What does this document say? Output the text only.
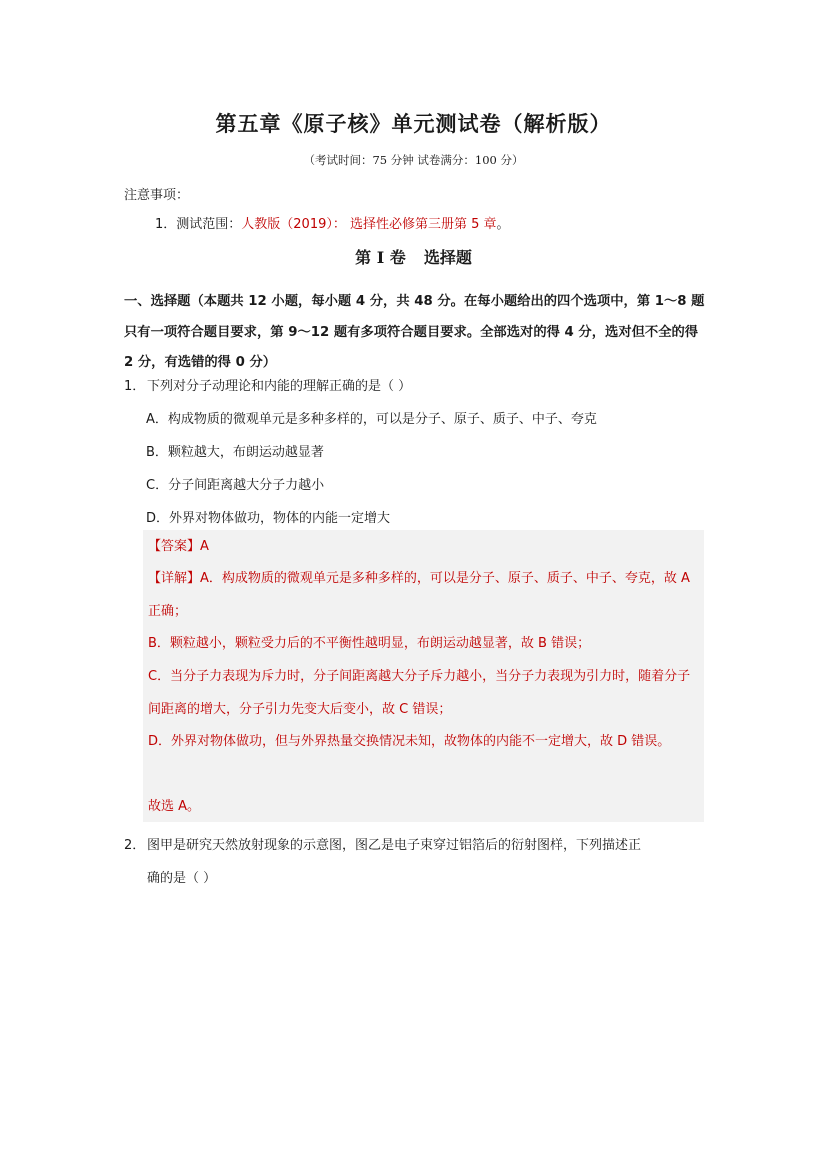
第五章《原子核》单元测试卷（解析版）
（考试时间：75 分钟 试卷满分：100 分）
注意事项：
1．测试范围：人教版（2019）： 选择性必修第三册第 5 章。
第 I 卷 选择题
一、选择题（本题共 12 小题，每小题 4 分，共 48 分。在每小题给出的四个选项中，第 1～8 题只有一项符合题目要求，第 9～12 题有多项符合题目要求。全部选对的得 4 分，选对但不全的得 2 分，有选错的得 0 分）
1． 下列对分子动理论和内能的理解正确的是（ ）
A．构成物质的微观单元是多种多样的，可以是分子、原子、质子、中子、夸克
B．颗粒越大，布朗运动越显著
C．分子间距离越大分子力越小
D．外界对物体做功，物体的内能一定增大
【答案】A
【详解】A．构成物质的微观单元是多种多样的，可以是分子、原子、质子、中子、夸克，故 A 正确；
B．颗粒越小，颗粒受力后的不平衡性越明显，布朗运动越显著，故 B 错误；
C．当分子力表现为斥力时，分子间距离越大分子斥力越小，当分子力表现为引力时，随着分子间距离的增大，分子引力先变大后变小，故 C 错误；
D．外界对物体做功，但与外界热量交换情况未知，故物体的内能不一定增大，故 D 错误。
故选 A。
2． 图甲是研究天然放射现象的示意图，图乙是电子束穿过铝箔后的衍射图样，下列描述正
确的是（ ）
